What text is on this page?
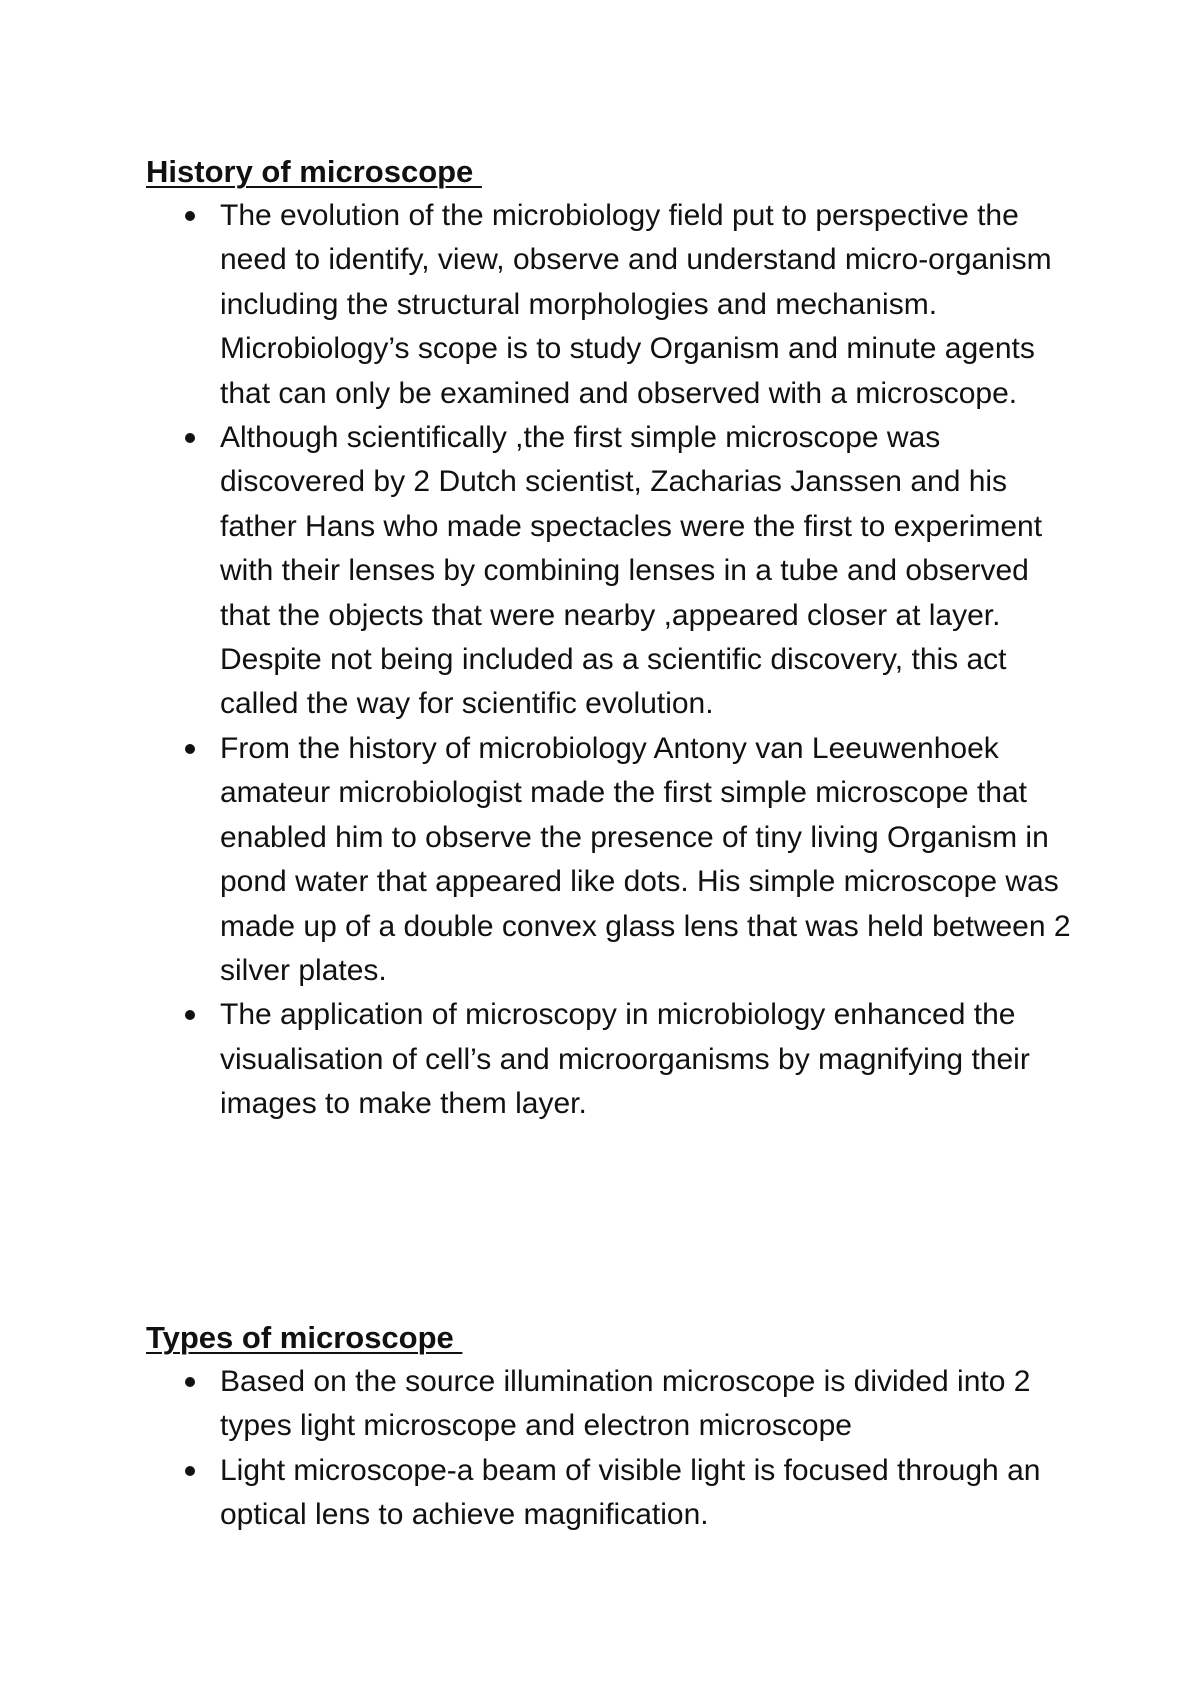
History of microscope
The evolution of the microbiology field put to perspective the need to identify, view, observe and understand micro-organism including the structural morphologies and mechanism. Microbiology’s scope is to study Organism and minute agents that can only be examined and observed with a microscope.
Although scientifically ,the first simple microscope was discovered by 2 Dutch scientist, Zacharias Janssen and his father Hans who made spectacles were the first to experiment with their lenses by combining lenses in a tube and observed that the objects that were nearby ,appeared closer at layer. Despite not being included as a scientific discovery, this act called the way for scientific evolution.
From the history of microbiology Antony van Leeuwenhoek amateur microbiologist made the first simple microscope that enabled him to observe the presence of tiny living Organism in pond water that appeared like dots. His simple microscope was made up of a double convex glass lens that was held between 2 silver plates.
The application of microscopy in microbiology enhanced the visualisation of cell’s and microorganisms by magnifying their images to make them layer.
Types of microscope
Based on the source illumination microscope is divided into 2 types light microscope and electron microscope
Light microscope-a beam of visible light is focused through an optical lens to achieve magnification.
